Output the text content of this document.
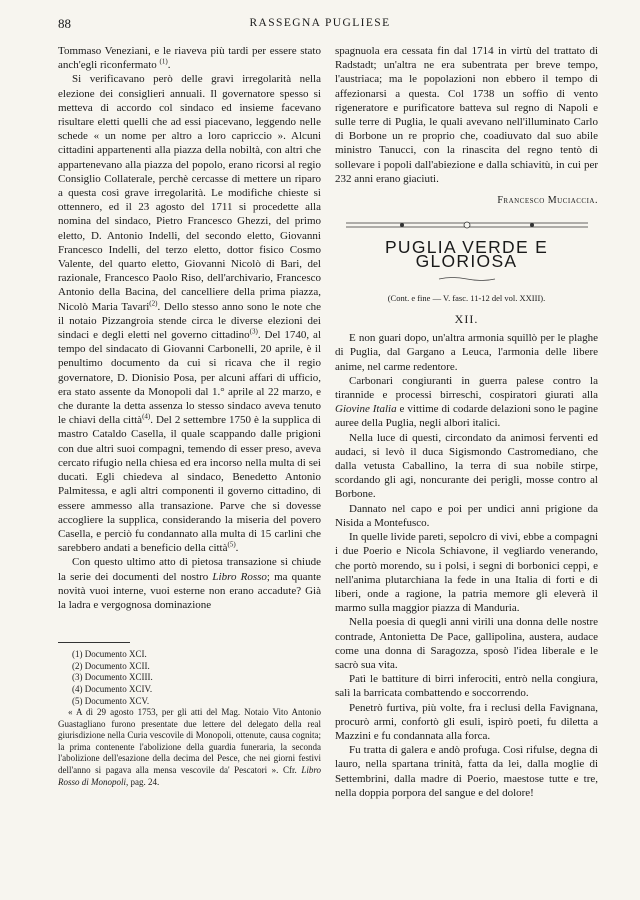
88	RASSEGNA PUGLIESE

Tommaso Veneziani, e le riaveva più tardi per essere stato anch'egli riconfermato $^{(1)}$.

Si verificavano però delle gravi irregolarità nella elezione dei consiglieri annuali. Il governatore spesso si metteva di accordo col sindaco ed insieme facevano risultare eletti quelli che ad essi piacevano, leggendo nelle schede « un nome per altro a loro capriccio ». Alcuni cittadini appartenenti alla piazza della nobiltà, con altri che appartenevano alla piazza del popolo, erano ricorsi al regio Consiglio Collaterale, perchè cercasse di mettere un riparo a questa così grave irregolarità. Le modifiche chieste si ottennero, ed il 23 agosto del 1711 si procedette alla nomina del sindaco, Pietro Francesco Ghezzi, del primo eletto, D. Antonio Indelli, del secondo eletto, Giovanni Francesco Indelli, del terzo eletto, dottor fisico Cosmo Valente, del quarto eletto, Giovanni Nicolò di Bari, del razionale, Francesco Paolo Riso, dell'archivario, Francesco Antonio della Bacina, del cancelliere della prima piazza, Nicolò Maria Tavari$^{(2)}$. Dello stesso anno sono le note che il notaio Pizzangroia stende circa le diverse elezioni dei sindaci e degli eletti nel governo cittadino$^{(3)}$. Del 1740, al tempo del sindacato di Giovanni Carbonelli, 20 aprile, è il penultimo documento da cui si ricava che il regio governatore, D. Dionisio Posa, per alcuni affari di ufficio, era stato assente da Monopoli dal 1.° aprile al 22 marzo, e che durante la detta assenza lo stesso sindaco aveva tenuto le chiavi della città$^{(4)}$. Del 2 settembre 1750 è la supplica di mastro Cataldo Casella, il quale scappando dalle prigioni con due altri suoi compagni, temendo di esser preso, aveva cercato rifugio nella chiesa ed era incorso nella multa di sei ducati. Egli chiedeva al sindaco, Benedetto Antonio Palmitessa, e agli altri componenti il governo cittadino, di essere ammesso alla transazione. Parve che si dovesse accogliere la supplica, considerando la miseria del povero Casella, e perciò fu condannato alla multa di 15 carlini che sarebbero andati a beneficio della città$^{(5)}$.

Con questo ultimo atto di pietosa transazione si chiude la serie dei documenti del nostro Libro Rosso; ma quante novità vuoi interne, vuoi esterne non erano accadute? Già la ladra e vergognosa dominazione

(1) Documento XCI.
(2) Documento XCII.
(3) Documento XCIII.
(4) Documento XCIV.
(5) Documento XCV.

« A dì 29 agosto 1753, per gli atti del Mag. Notaio Vito Antonio Guastagliano furono presentate due lettere del delegato della real giurisdizione nella Curia vescovile di Monopoli, ottenute, causa cognita; la prima contenente l'abolizione della guardia funeraria, la seconda l'abolizione dell'esazione della decima del Pesce, che nei giorni festivi dell'anno si pagava alla mensa vescovile da' Pescatori ». Cfr. Libro Rosso di Monopoli, pag. 24.

spagnuola era cessata fin dal 1714 in virtù del trattato di Radstadt; un'altra ne era subentrata per breve tempo, l'austriaca; ma le popolazioni non ebbero il tempo di affezionarsi a questa. Col 1738 un soffio di vento rigeneratore e purificatore batteva sul regno di Napoli e sulle terre di Puglia, le quali avevano nell'illuminato Carlo di Borbone un re proprio che, coadiuvato dal suo abile ministro Tanucci, con la rinascita del regno tentò di sollevare i popoli dall'abiezione e dalla schiavitù, in cui per 232 anni erano giaciuti.

Francesco Muciaccia.

PUGLIA VERDE E GLORIOSA
(Cont. e fine — V. fasc. 11-12 del vol. XXIII).
XII.

E non guari dopo, un'altra armonia squillò per le plaghe di Puglia, dal Gargano a Leuca, l'armonia delle libere anime, nel carme redentore.

Carbonari congiuranti in guerra palese contro la tirannide e processi birreschi, cospiratori giurati alla Giovine Italia e vittime di codarde delazioni sono le pagine auree della Puglia, negli albori italici.

Nella luce di questi, circondato da animosi ferventi ed audaci, si levò il duca Sigismondo Castromediano, che dalla vetusta Caballino, la terra di sua nobile stirpe, scordando gli agi, noncurante dei perigli, mosse contro al Borbone.

Dannato nel capo e poi per undici anni prigione da Nisida a Montefusco.

In quelle livide pareti, sepolcro di vivi, ebbe a compagni i due Poerio e Nicola Schiavone, il vegliardo venerando, che portò morendo, su i polsi, i segni di borbonici ceppi, e nell'anima plutarchiana la fede in una Italia di forti e di liberi, onde a ragione, la patria memore gli eleverà il marmo sulla maggior piazza di Manduria.

Nella poesia di quegli anni virili una donna delle nostre contrade, Antonietta De Pace, gallipolina, austera, audace come una donna di Saragozza, sposò l'idea liberale e le sacrò sua vita.

Patì le battiture di birri inferociti, entrò nella congiura, salì la barricata combattendo e soccorrendo.

Penetrò furtiva, più volte, fra i reclusi della Favignana, procurò armi, confortò gli esuli, ispirò poeti, fu diletta a Mazzini e fu condannata alla forca.

Fu tratta di galera e andò profuga. Così rifulse, degna di lauro, nella spartana trinità, fatta da lei, dalla moglie di Settembrini, dalla madre di Poerio, maestose tutte e tre, nella doppia porpora del sangue e del dolore!
